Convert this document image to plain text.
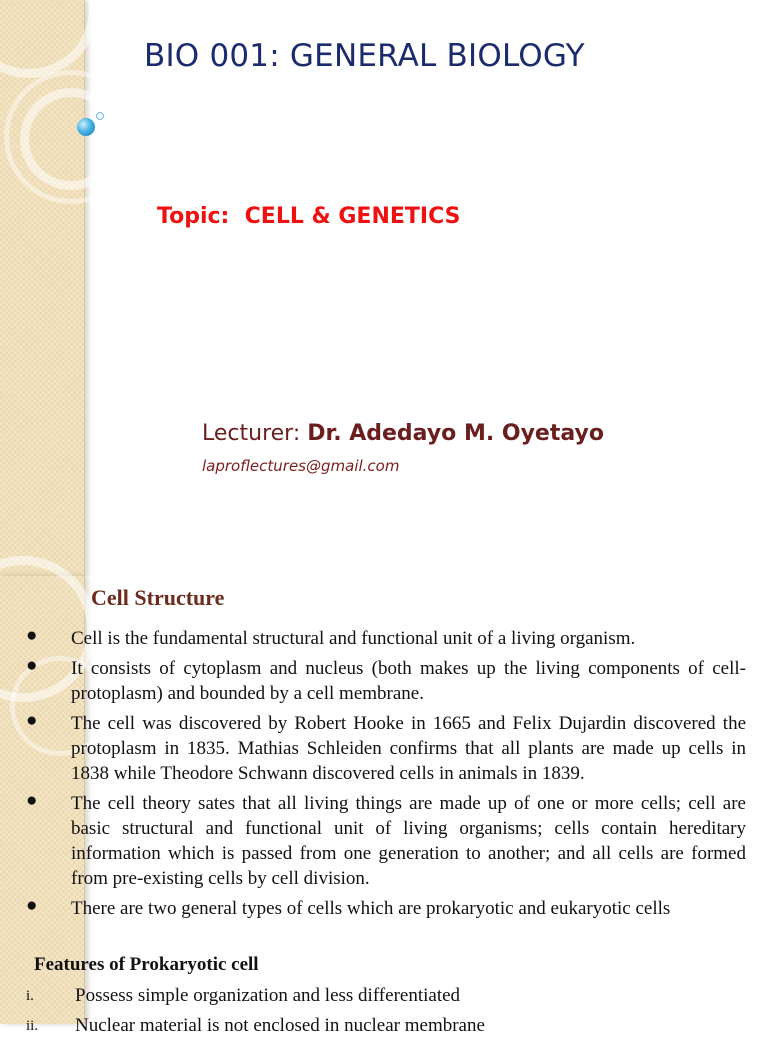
BIO 001: GENERAL BIOLOGY
Topic:  CELL & GENETICS
Lecturer: Dr. Adedayo M. Oyetayo
laproflectures@gmail.com
Cell Structure
● Cell is the fundamental structural and functional unit of a living organism.
● It consists of cytoplasm and nucleus (both makes up the living components of cell-protoplasm) and bounded by a cell membrane.
● The cell was discovered by Robert Hooke in 1665 and Felix Dujardin discovered the protoplasm in 1835. Mathias Schleiden confirms that all plants are made up cells in 1838 while Theodore Schwann discovered cells in animals in 1839.
● The cell theory sates that all living things are made up of one or more cells; cell are basic structural and functional unit of living organisms; cells contain hereditary information which is passed from one generation to another; and all cells are formed from pre-existing cells by cell division.
● There are two general types of cells which are prokaryotic and eukaryotic cells
Features of Prokaryotic cell
i. Possess simple organization and less differentiated
ii. Nuclear material is not enclosed in nuclear membrane
